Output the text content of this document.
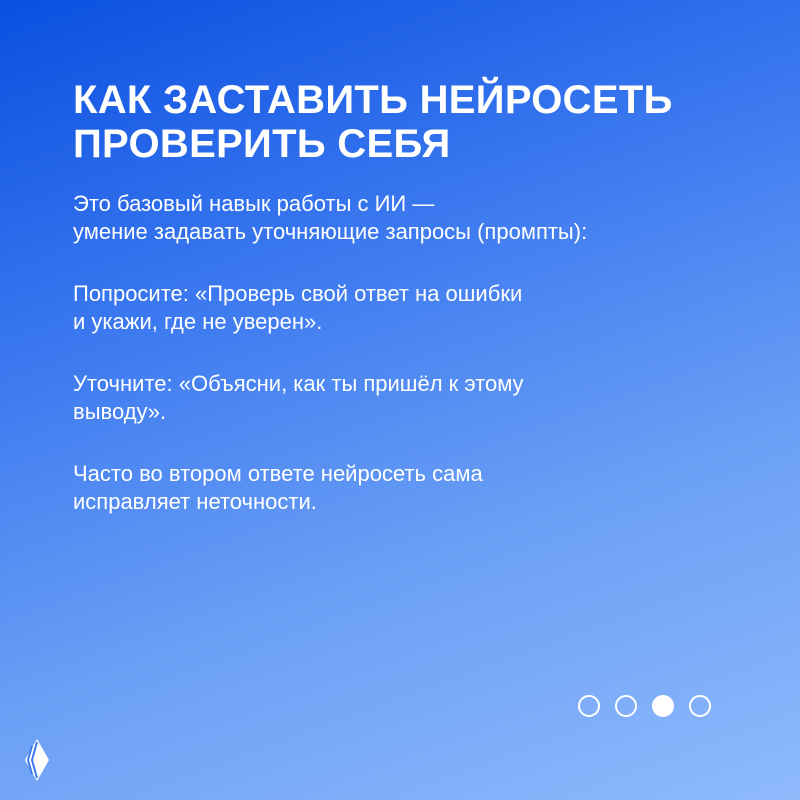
КАК ЗАСТАВИТЬ НЕЙРОСЕТЬ
ПРОВЕРИТЬ СЕБЯ
Это базовый навык работы с ИИ —
умение задавать уточняющие запросы (промпты):
Попросите: «Проверь свой ответ на ошибки
и укажи, где не уверен».
Уточните: «Объясни, как ты пришёл к этому
выводу».
Часто во втором ответе нейросеть сама
исправляет неточности.
